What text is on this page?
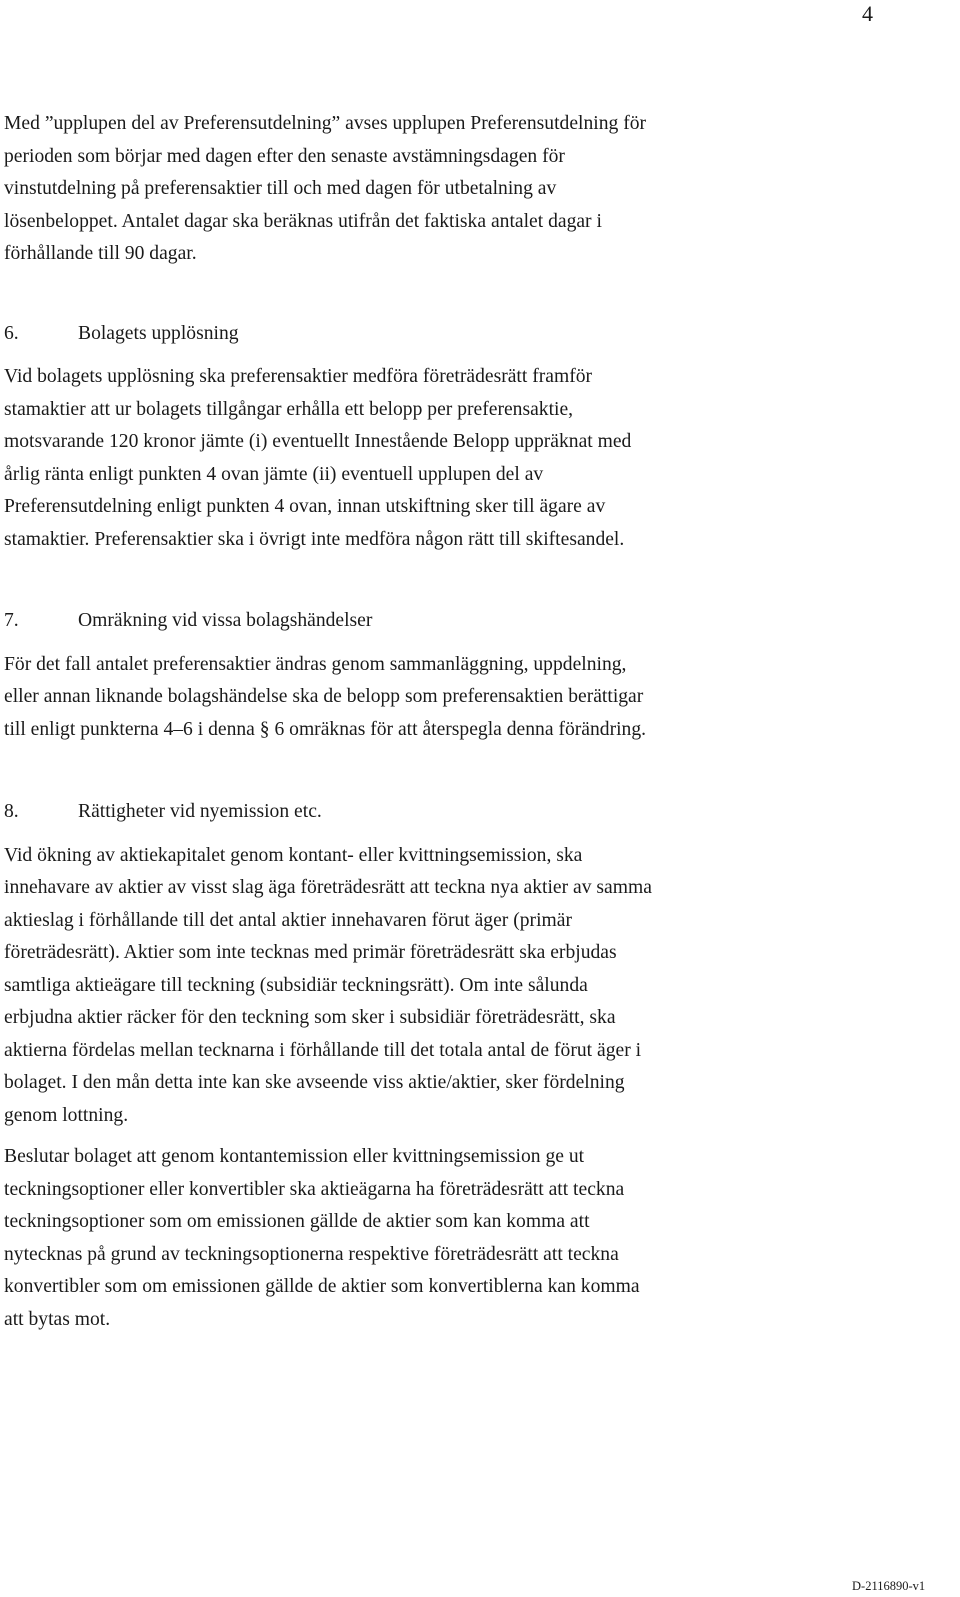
4

Med ”upplupen del av Preferensutdelning” avses upplupen Preferensutdelning för
perioden som börjar med dagen efter den senaste avstämningsdagen för
vinstutdelning på preferensaktier till och med dagen för utbetalning av
lösenbeloppet. Antalet dagar ska beräknas utifrån det faktiska antalet dagar i
förhållande till 90 dagar.

6.	Bolagets upplösning

Vid bolagets upplösning ska preferensaktier medföra företrädesrätt framför
stamaktier att ur bolagets tillgångar erhålla ett belopp per preferensaktie,
motsvarande 120 kronor jämte (i) eventuellt Innestående Belopp uppräknat med
årlig ränta enligt punkten 4 ovan jämte (ii) eventuell upplupen del av
Preferensutdelning enligt punkten 4 ovan, innan utskiftning sker till ägare av
stamaktier. Preferensaktier ska i övrigt inte medföra någon rätt till skiftesandel.

7.	Omräkning vid vissa bolagshändelser

För det fall antalet preferensaktier ändras genom sammanläggning, uppdelning,
eller annan liknande bolagshändelse ska de belopp som preferensaktien berättigar
till enligt punkterna 4–6 i denna § 6 omräknas för att återspegla denna förändring.

8.	Rättigheter vid nyemission etc.

Vid ökning av aktiekapitalet genom kontant- eller kvittningsemission, ska
innehavare av aktier av visst slag äga företrädesrätt att teckna nya aktier av samma
aktieslag i förhållande till det antal aktier innehavaren förut äger (primär
företrädesrätt). Aktier som inte tecknas med primär företrädesrätt ska erbjudas
samtliga aktieägare till teckning (subsidiär teckningsrätt). Om inte sålunda
erbjudna aktier räcker för den teckning som sker i subsidiär företrädesrätt, ska
aktierna fördelas mellan tecknarna i förhållande till det totala antal de förut äger i
bolaget. I den mån detta inte kan ske avseende viss aktie/aktier, sker fördelning
genom lottning.

Beslutar bolaget att genom kontantemission eller kvittningsemission ge ut
teckningsoptioner eller konvertibler ska aktieägarna ha företrädesrätt att teckna
teckningsoptioner som om emissionen gällde de aktier som kan komma att
nytecknas på grund av teckningsoptionerna respektive företrädesrätt att teckna
konvertibler som om emissionen gällde de aktier som konvertiblerna kan komma
att bytas mot.

D-2116890-v1
